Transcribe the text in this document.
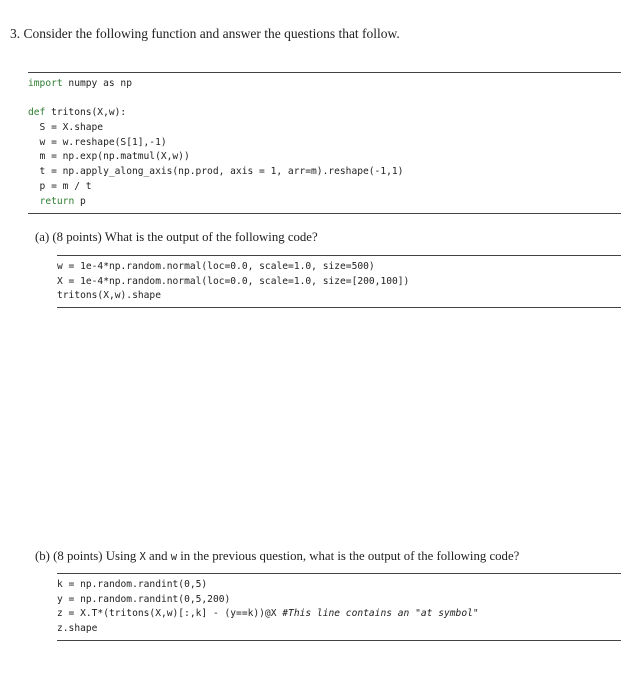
3. Consider the following function and answer the questions that follow.
import numpy as np

def tritons(X,w):
S = X.shape
w = w.reshape(S[1],-1)
m = np.exp(np.matmul(X,w))
t = np.apply_along_axis(np.prod, axis = 1, arr=m).reshape(-1,1)
p = m / t
return p
(a) (8 points) What is the output of the following code?
w = 1e-4*np.random.normal(loc=0.0, scale=1.0, size=500)
X = 1e-4*np.random.normal(loc=0.0, scale=1.0, size=[200,100])
tritons(X,w).shape
(b) (8 points) Using X and w in the previous question, what is the output of the following code?
k = np.random.randint(0,5)
y = np.random.randint(0,5,200)
z = X.T*(tritons(X,w)[:,k] - (y==k))@X #This line contains an "at symbol"
z.shape
